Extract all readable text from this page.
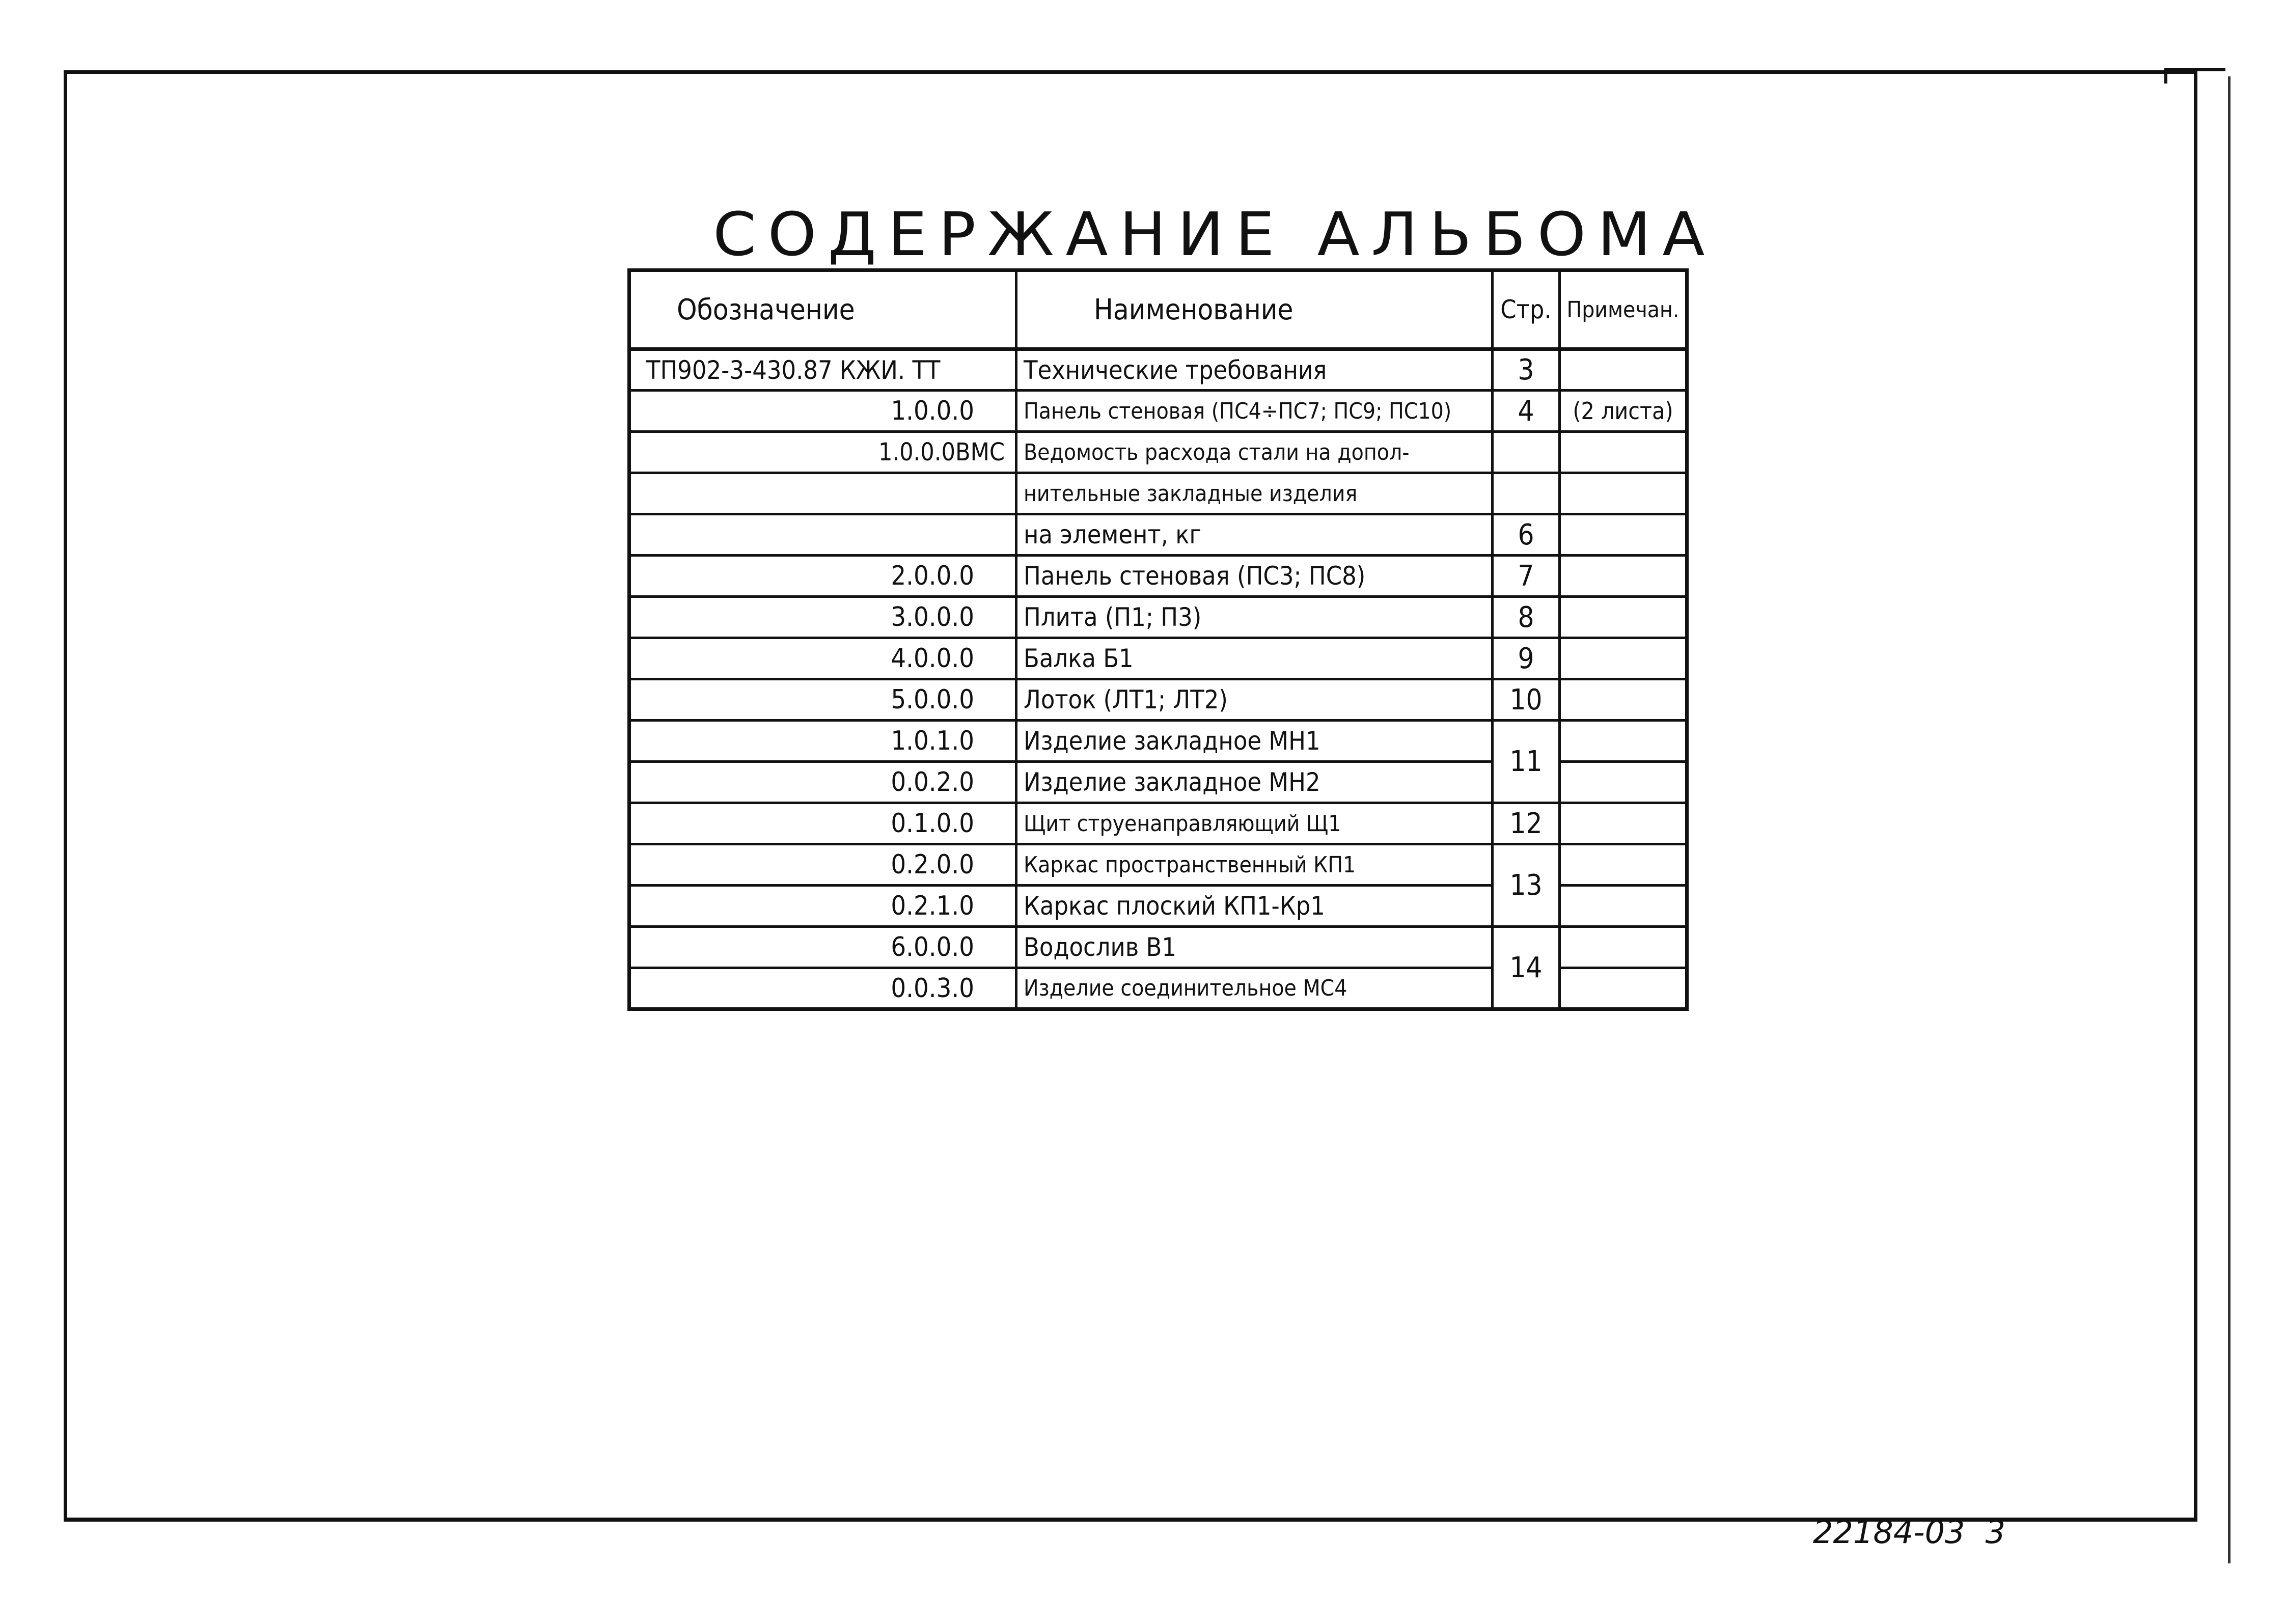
СОДЕРЖАНИЕ АЛЬБОМА
Обозначение	Наименование	Стр.	Примечан.
ТП902-3-430.87 КЖИ. ТТ	Технические требования	3	
1.0.0.0	Панель стеновая (ПС4÷ПС7; ПС9; ПС10)	4	(2 листа)
1.0.0.0ВМС	Ведомость расхода стали на допол-		
	нительные закладные изделия		
	на элемент, кг	6	
2.0.0.0	Панель стеновая (ПС3; ПС8)	7	
3.0.0.0	Плита (П1; П3)	8	
4.0.0.0	Балка Б1	9	
5.0.0.0	Лоток (ЛТ1; ЛТ2)	10	
1.0.1.0	Изделие закладное МН1	11	
0.0.2.0	Изделие закладное МН2		
0.1.0.0	Щит струенаправляющий Щ1	12	
0.2.0.0	Каркас пространственный КП1	13	
0.2.1.0	Каркас плоский КП1-Кр1		
6.0.0.0	Водослив В1	14	
0.0.3.0	Изделие соединительное МС4		
22184-03 3
